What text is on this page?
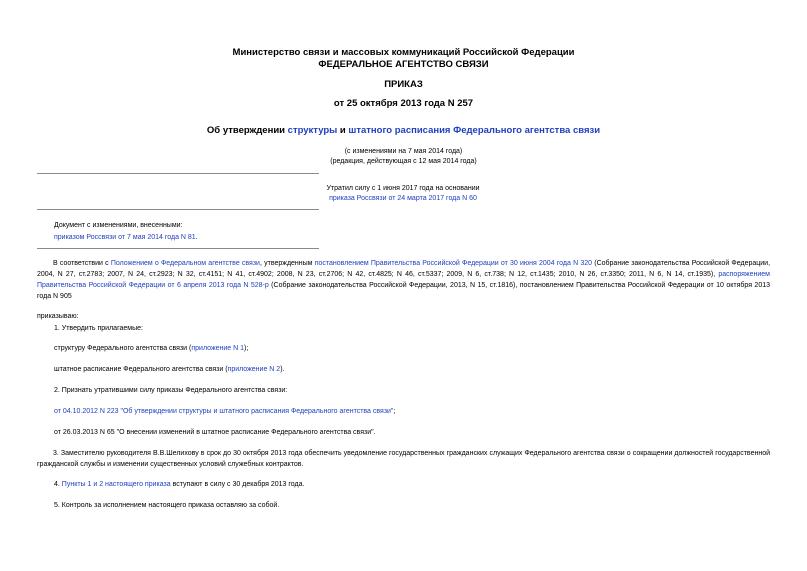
Министерство связи и массовых коммуникаций Российской Федерации
ФЕДЕРАЛЬНОЕ АГЕНТСТВО СВЯЗИ
ПРИКАЗ
от 25 октября 2013 года N 257
Об утверждении структуры и штатного расписания Федерального агентства связи
(с изменениями на 7 мая 2014 года)
(редакция, действующая с 12 мая 2014 года)
Утратил силу с 1 июня 2017 года на основании
приказа Россвязи от 24 марта 2017 года N 60
Документ с изменениями, внесенными:
приказом Россвязи от 7 мая 2014 года N 81.
В соответствии с Положением о Федеральном агентстве связи, утвержденным постановлением Правительства Российской Федерации от 30 июня 2004 года N 320 (Собрание законодательства Российской Федерации, 2004, N 27, ст.2783; 2007, N 24, ст.2923; N 32, ст.4151; N 41, ст.4902; 2008, N 23, ст.2706; N 42, ст.4825; N 46, ст.5337; 2009, N 6, ст.738; N 12, ст.1435; 2010, N 26, ст.3350; 2011, N 6, N 14, ст.1935), распоряжением Правительства Российской Федерации от 6 апреля 2013 года N 528-р (Собрание законодательства Российской Федерации, 2013, N 15, ст.1816), постановлением Правительства Российской Федерации от 10 октября 2013 года N 905
приказываю:
1. Утвердить прилагаемые:
структуру Федерального агентства связи (приложение N 1);
штатное расписание Федерального агентства связи (приложение N 2).
2. Признать утратившими силу приказы Федерального агентства связи:
от 04.10.2012 N 223 "Об утверждении структуры и штатного расписания Федерального агентства связи";
от 26.03.2013 N 65 "О внесении изменений в штатное расписание Федерального агентства связи".
3. Заместителю руководителя В.В.Шелихову в срок до 30 октября 2013 года обеспечить уведомление государственных гражданских служащих Федерального агентства связи о сокращении должностей государственной гражданской службы и изменении существенных условий служебных контрактов.
4. Пункты 1 и 2 настоящего приказа вступают в силу с 30 декабря 2013 года.
5. Контроль за исполнением настоящего приказа оставляю за собой.
